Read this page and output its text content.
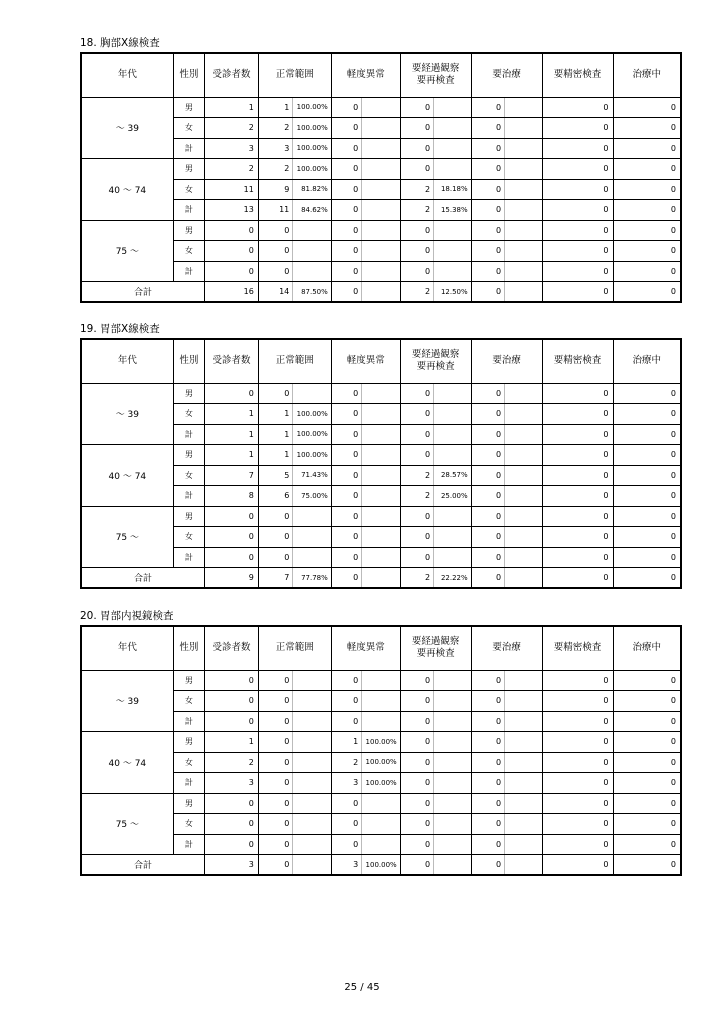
18. 胸部X線検査
年代	性別	受診者数	正常範囲		軽度異常		要経過観察
要再検査		要治療		要精密検査	治療中
～ 39	男	1	1	100.00%	0		0		0		0	0
	女	2	2	100.00%	0		0		0		0	0
	計	3	3	100.00%	0		0		0		0	0
40 ～ 74	男	2	2	100.00%	0		0		0		0	0
	女	11	9	81.82%	0		2	18.18%	0		0	0
	計	13	11	84.62%	0		2	15.38%	0		0	0
75 ～	男	0	0		0		0		0		0	0
	女	0	0		0		0		0		0	0
	計	0	0		0		0		0		0	0
合計		16	14	87.50%	0		2	12.50%	0		0	0
19. 胃部X線検査
年代	性別	受診者数	正常範囲		軽度異常		要経過観察
要再検査		要治療		要精密検査	治療中
～ 39	男	0	0		0		0		0		0	0
	女	1	1	100.00%	0		0		0		0	0
	計	1	1	100.00%	0		0		0		0	0
40 ～ 74	男	1	1	100.00%	0		0		0		0	0
	女	7	5	71.43%	0		2	28.57%	0		0	0
	計	8	6	75.00%	0		2	25.00%	0		0	0
75 ～	男	0	0		0		0		0		0	0
	女	0	0		0		0		0		0	0
	計	0	0		0		0		0		0	0
合計		9	7	77.78%	0		2	22.22%	0		0	0
20. 胃部内視鏡検査
年代	性別	受診者数	正常範囲		軽度異常		要経過観察
要再検査		要治療		要精密検査	治療中
～ 39	男	0	0		0		0		0		0	0
	女	0	0		0		0		0		0	0
	計	0	0		0		0		0		0	0
40 ～ 74	男	1	0		1	100.00%	0		0		0	0
	女	2	0		2	100.00%	0		0		0	0
	計	3	0		3	100.00%	0		0		0	0
75 ～	男	0	0		0		0		0		0	0
	女	0	0		0		0		0		0	0
	計	0	0		0		0		0		0	0
合計		3	0		3	100.00%	0		0		0	0
25 / 45
